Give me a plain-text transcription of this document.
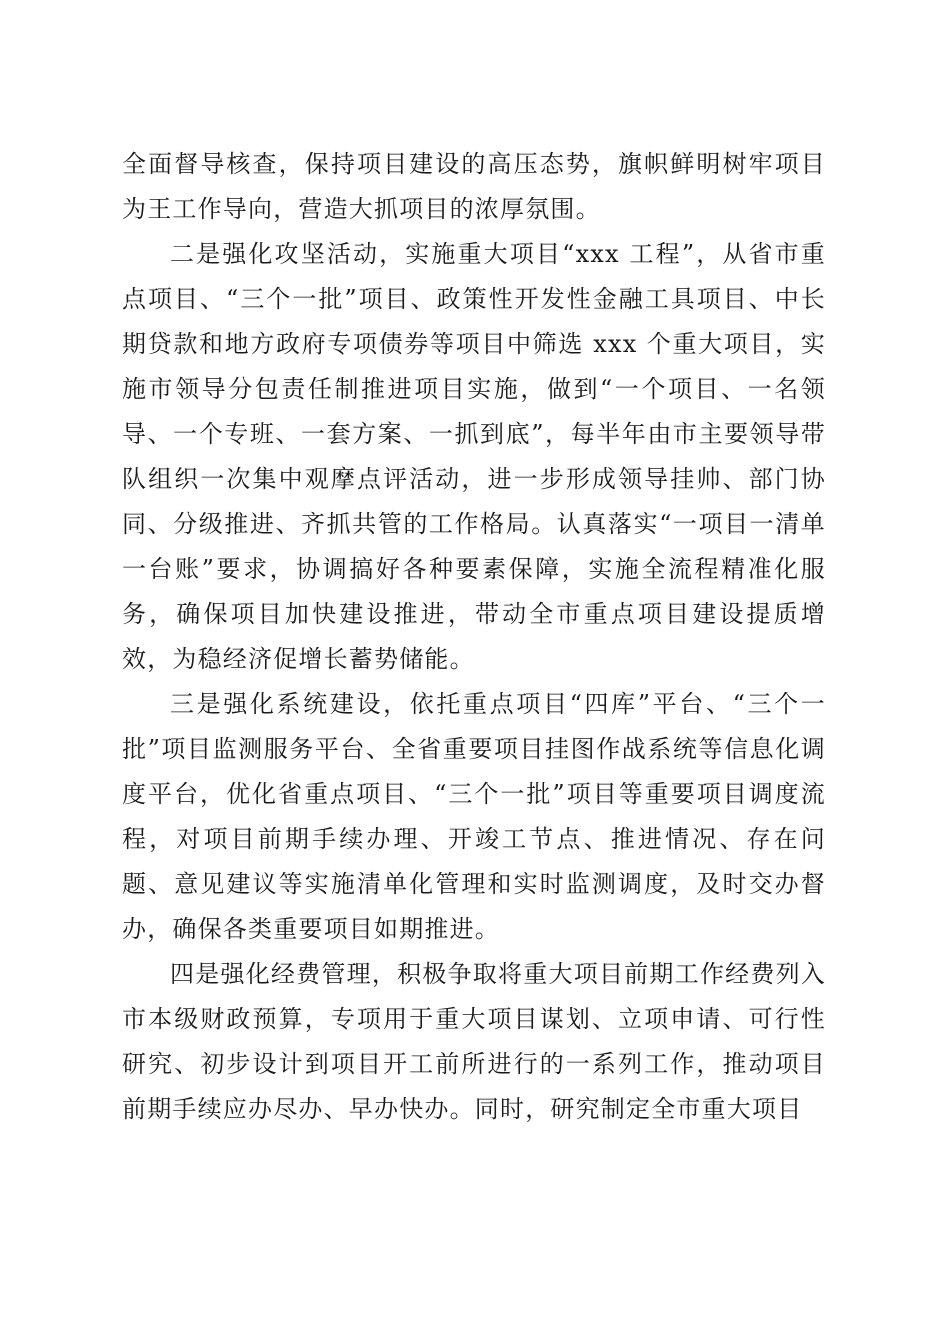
全面督导核查，保持项目建设的高压态势，旗帜鲜明树牢项目为王工作导向，营造大抓项目的浓厚氛围。

二是强化攻坚活动，实施重大项目“xxx 工程”，从省市重点项目、“三个一批”项目、政策性开发性金融工具项目、中长期贷款和地方政府专项债券等项目中筛选 xxx 个重大项目，实施市领导分包责任制推进项目实施，做到“一个项目、一名领导、一个专班、一套方案、一抓到底”，每半年由市主要领导带队组织一次集中观摩点评活动，进一步形成领导挂帅、部门协同、分级推进、齐抓共管的工作格局。认真落实“一项目一清单一台账”要求，协调搞好各种要素保障，实施全流程精准化服务，确保项目加快建设推进，带动全市重点项目建设提质增效，为稳经济促增长蓄势储能。

三是强化系统建设，依托重点项目“四库”平台、“三个一批”项目监测服务平台、全省重要项目挂图作战系统等信息化调度平台，优化省重点项目、“三个一批”项目等重要项目调度流程，对项目前期手续办理、开竣工节点、推进情况、存在问题、意见建议等实施清单化管理和实时监测调度，及时交办督办，确保各类重要项目如期推进。

四是强化经费管理，积极争取将重大项目前期工作经费列入市本级财政预算，专项用于重大项目谋划、立项申请、可行性研究、初步设计到项目开工前所进行的一系列工作，推动项目前期手续应办尽办、早办快办。同时，研究制定全市重大项目
